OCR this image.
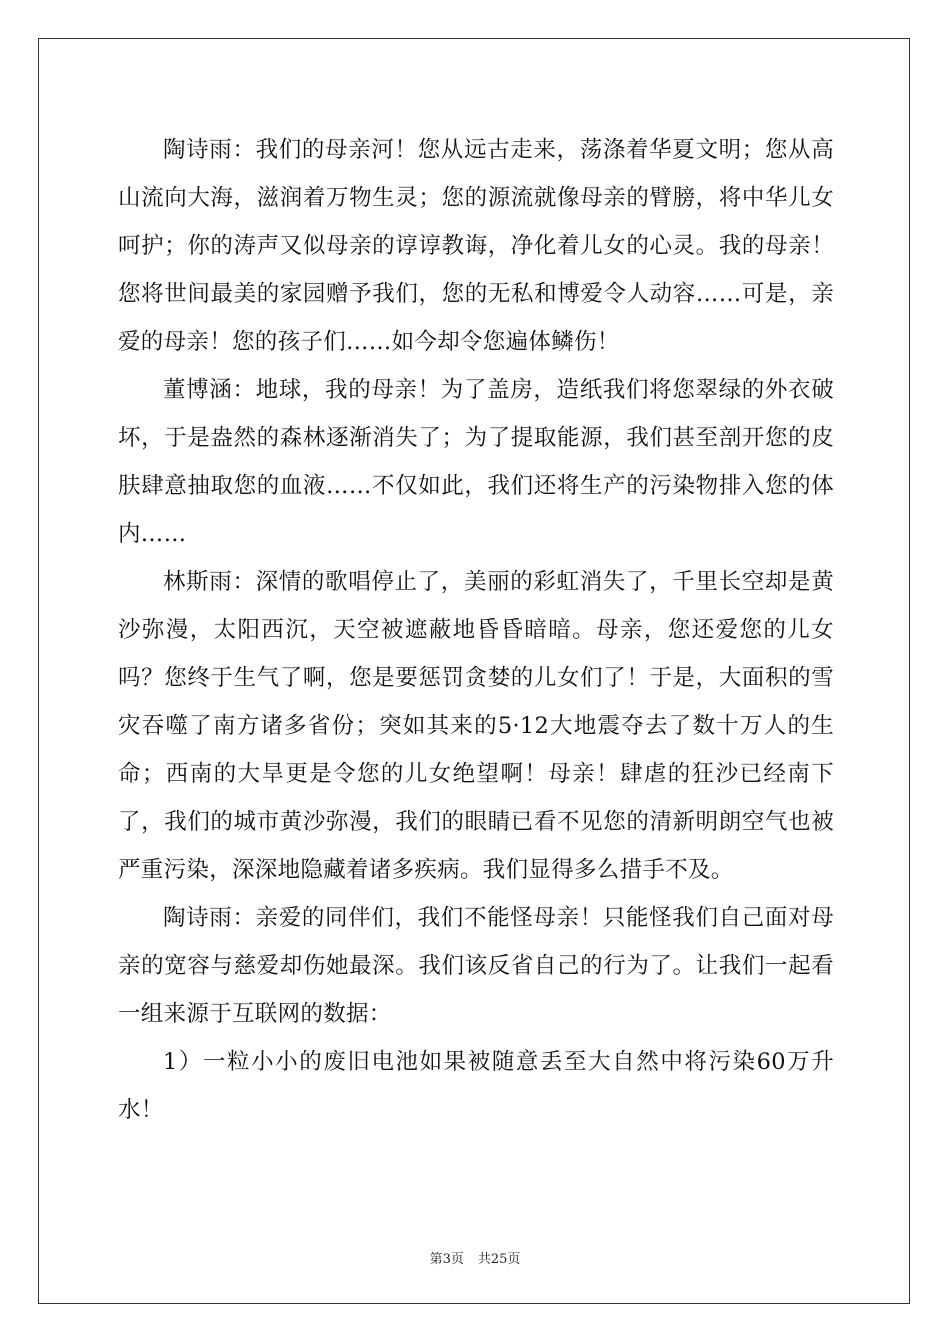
陶诗雨：我们的母亲河！您从远古走来，荡涤着华夏文明；您从高山流向大海，滋润着万物生灵；您的源流就像母亲的臂膀，将中华儿女呵护；你的涛声又似母亲的谆谆教诲，净化着儿女的心灵。我的母亲！您将世间最美的家园赠予我们，您的无私和博爱令人动容……可是，亲爱的母亲！您的孩子们……如今却令您遍体鳞伤！

董博涵：地球，我的母亲！为了盖房，造纸我们将您翠绿的外衣破坏，于是盎然的森林逐渐消失了；为了提取能源，我们甚至剖开您的皮肤肆意抽取您的血液……不仅如此，我们还将生产的污染物排入您的体内……

林斯雨：深情的歌唱停止了，美丽的彩虹消失了，千里长空却是黄沙弥漫，太阳西沉，天空被遮蔽地昏昏暗暗。母亲，您还爱您的儿女吗？您终于生气了啊，您是要惩罚贪婪的儿女们了！于是，大面积的雪灾吞噬了南方诸多省份；突如其来的5·12大地震夺去了数十万人的生命；西南的大旱更是令您的儿女绝望啊！母亲！肆虐的狂沙已经南下了，我们的城市黄沙弥漫，我们的眼睛已看不见您的清新明朗空气也被严重污染，深深地隐藏着诸多疾病。我们显得多么措手不及。

陶诗雨：亲爱的同伴们，我们不能怪母亲！只能怪我们自己面对母亲的宽容与慈爱却伤她最深。我们该反省自己的行为了。让我们一起看一组来源于互联网的数据：

1）一粒小小的废旧电池如果被随意丢至大自然中将污染60万升水！

第3页 共25页
